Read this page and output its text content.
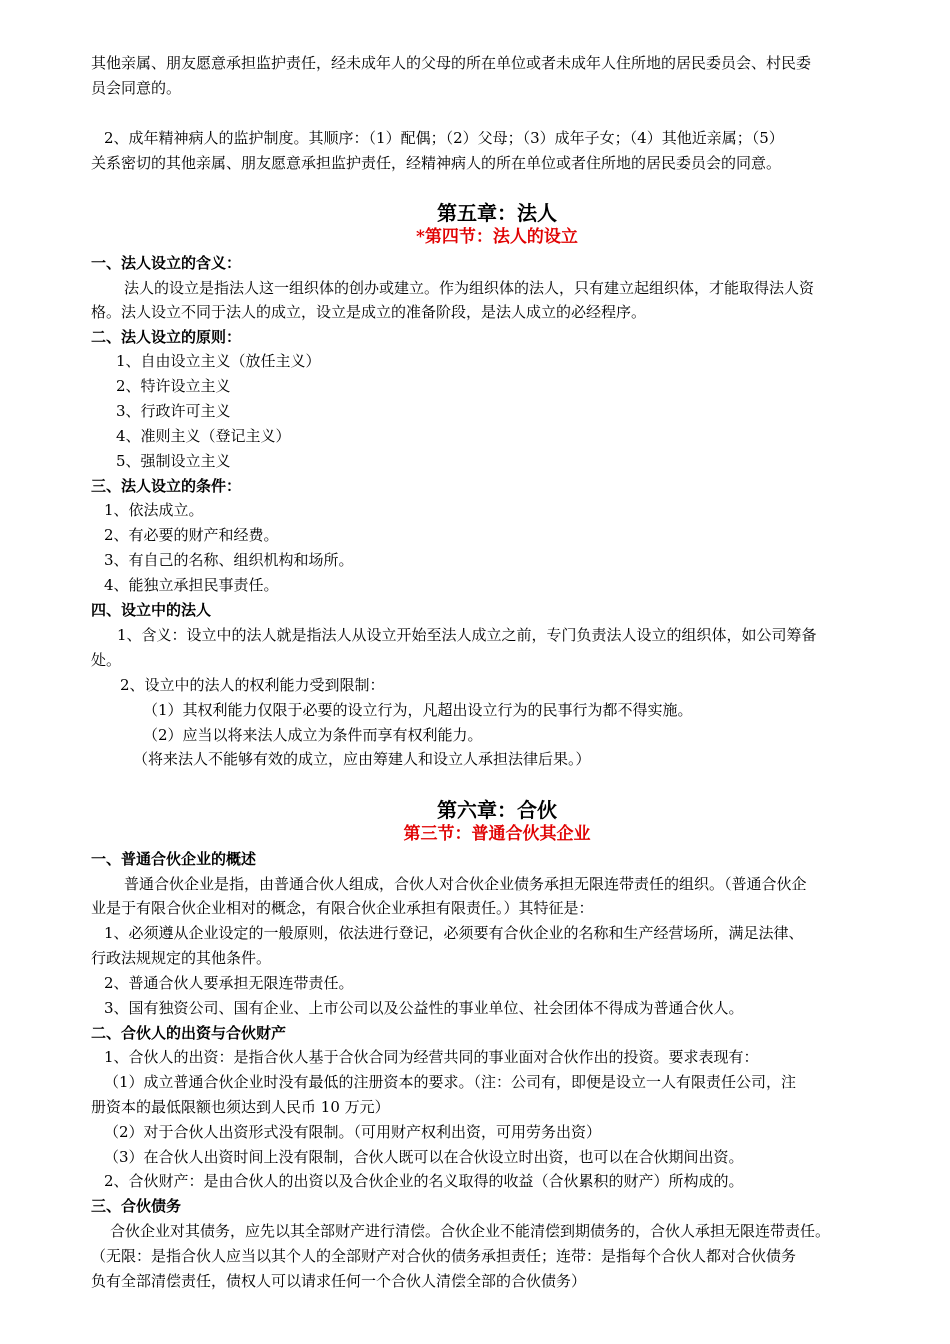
其他亲属、朋友愿意承担监护责任，经未成年人的父母的所在单位或者未成年人住所地的居民委员会、村民委
员会同意的。
2、成年精神病人的监护制度。其顺序：（1）配偶；（2）父母；（3）成年子女；（4）其他近亲属；（5）
关系密切的其他亲属、朋友愿意承担监护责任，经精神病人的所在单位或者住所地的居民委员会的同意。
第五章：法人
*第四节：法人的设立
一、法人设立的含义：
法人的设立是指法人这一组织体的创办或建立。作为组织体的法人，只有建立起组织体，才能取得法人资
格。法人设立不同于法人的成立，设立是成立的准备阶段，是法人成立的必经程序。
二、法人设立的原则：
1、自由设立主义（放任主义）
2、特许设立主义
3、行政许可主义
4、准则主义（登记主义）
5、强制设立主义
三、法人设立的条件：
1、依法成立。
2、有必要的财产和经费。
3、有自己的名称、组织机构和场所。
4、能独立承担民事责任。
四、设立中的法人
1、含义：设立中的法人就是指法人从设立开始至法人成立之前，专门负责法人设立的组织体，如公司筹备
处。
2、设立中的法人的权利能力受到限制：
（1）其权利能力仅限于必要的设立行为，凡超出设立行为的民事行为都不得实施。
（2）应当以将来法人成立为条件而享有权利能力。
（将来法人不能够有效的成立，应由筹建人和设立人承担法律后果。）
第六章：合伙
第三节：普通合伙其企业
一、普通合伙企业的概述
普通合伙企业是指，由普通合伙人组成，合伙人对合伙企业债务承担无限连带责任的组织。（普通合伙企
业是于有限合伙企业相对的概念，有限合伙企业承担有限责任。）其特征是：
1、必须遵从企业设定的一般原则，依法进行登记，必须要有合伙企业的名称和生产经营场所，满足法律、
行政法规规定的其他条件。
2、普通合伙人要承担无限连带责任。
3、国有独资公司、国有企业、上市公司以及公益性的事业单位、社会团体不得成为普通合伙人。
二、合伙人的出资与合伙财产
1、合伙人的出资：是指合伙人基于合伙合同为经营共同的事业面对合伙作出的投资。要求表现有：
（1）成立普通合伙企业时没有最低的注册资本的要求。（注：公司有，即便是设立一人有限责任公司，注
册资本的最低限额也须达到人民币 10 万元）
（2）对于合伙人出资形式没有限制。（可用财产权利出资，可用劳务出资）
（3）在合伙人出资时间上没有限制，合伙人既可以在合伙设立时出资，也可以在合伙期间出资。
2、合伙财产：是由合伙人的出资以及合伙企业的名义取得的收益（合伙累积的财产）所构成的。
三、合伙债务
合伙企业对其债务，应先以其全部财产进行清偿。合伙企业不能清偿到期债务的，合伙人承担无限连带责任。
（无限：是指合伙人应当以其个人的全部财产对合伙的债务承担责任；连带：是指每个合伙人都对合伙债务
负有全部清偿责任，债权人可以请求任何一个合伙人清偿全部的合伙债务）
